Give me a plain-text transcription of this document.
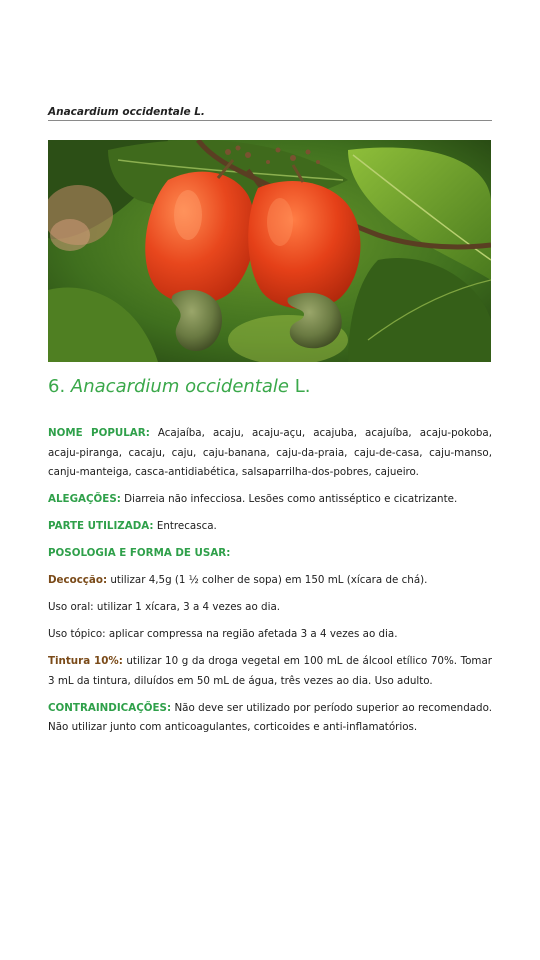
Anacardium occidentale L.
6. Anacardium occidentale L.

NOME POPULAR: Acajaíba, acaju, acaju-açu, acajuba, acajuíba, acaju-pokoba, acaju-piranga, cacaju, caju, caju-banana, caju-da-praia, caju-de-casa, caju-manso, canju-manteiga, casca-antidiabética, salsaparrilha-dos-pobres, cajueiro.

ALEGAÇÕES: Diarreia não infecciosa. Lesões como antisséptico e cicatrizante.

PARTE UTILIZADA: Entrecasca.

POSOLOGIA E FORMA DE USAR:

Decocção: utilizar 4,5g (1 ½ colher de sopa) em 150 mL (xícara de chá).

Uso oral: utilizar 1 xícara, 3 a 4 vezes ao dia.

Uso tópico: aplicar compressa na região afetada 3 a 4 vezes ao dia.

Tintura 10%: utilizar 10 g da droga vegetal em 100 mL de álcool etílico 70%. Tomar 3 mL da tintura, diluídos em 50 mL de água, três vezes ao dia. Uso adulto.

CONTRAINDICAÇÕES: Não deve ser utilizado por período superior ao recomendado. Não utilizar junto com anticoagulantes, corticoides e anti-inflamatórios.
